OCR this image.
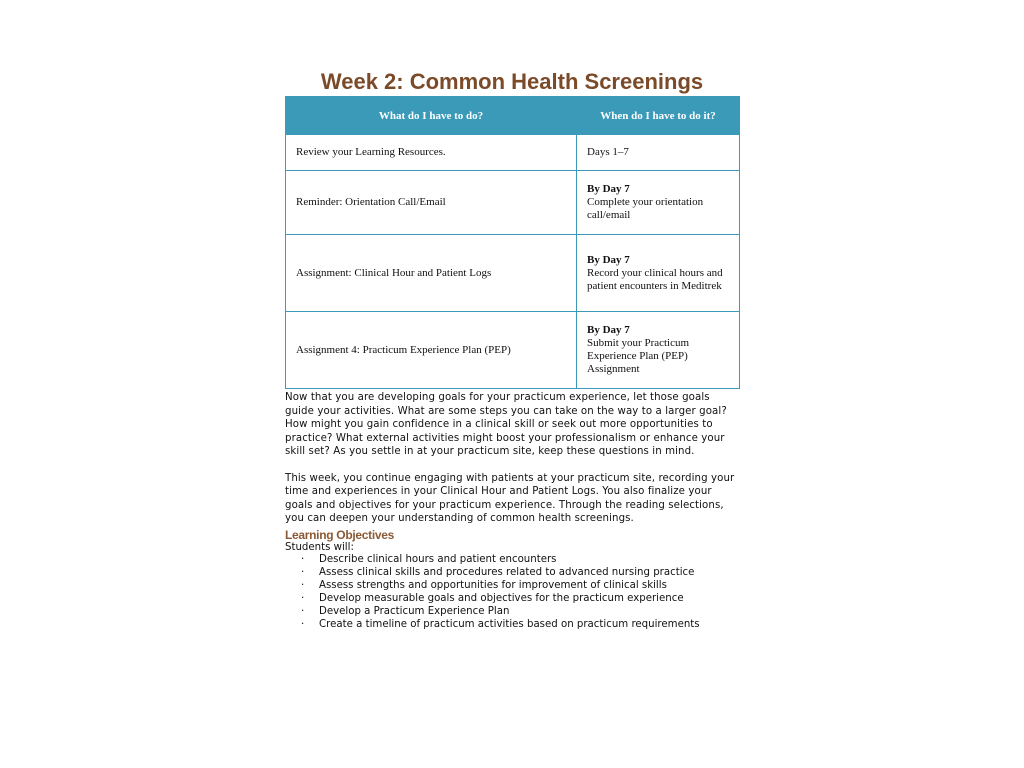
Week 2: Common Health Screenings
What do I have to do?	When do I have to do it?
Review your Learning Resources.	Days 1–7

Reminder: Orientation Call/Email	By Day 7
Complete your orientation call/email

Assignment: Clinical Hour and Patient Logs	By Day 7
Record your clinical hours and patient encounters in Meditrek

Assignment 4: Practicum Experience Plan (PEP)	By Day 7
Submit your Practicum Experience Plan (PEP) Assignment

Now that you are developing goals for your practicum experience, let those goals guide your activities. What are some steps you can take on the way to a larger goal? How might you gain confidence in a clinical skill or seek out more opportunities to practice? What external activities might boost your professionalism or enhance your skill set? As you settle in at your practicum site, keep these questions in mind.

This week, you continue engaging with patients at your practicum site, recording your time and experiences in your Clinical Hour and Patient Logs. You also finalize your goals and objectives for your practicum experience. Through the reading selections, you can deepen your understanding of common health screenings.

Learning Objectives

Students will:

· Describe clinical hours and patient encounters
· Assess clinical skills and procedures related to advanced nursing practice
· Assess strengths and opportunities for improvement of clinical skills
· Develop measurable goals and objectives for the practicum experience
· Develop a Practicum Experience Plan
· Create a timeline of practicum activities based on practicum requirements
